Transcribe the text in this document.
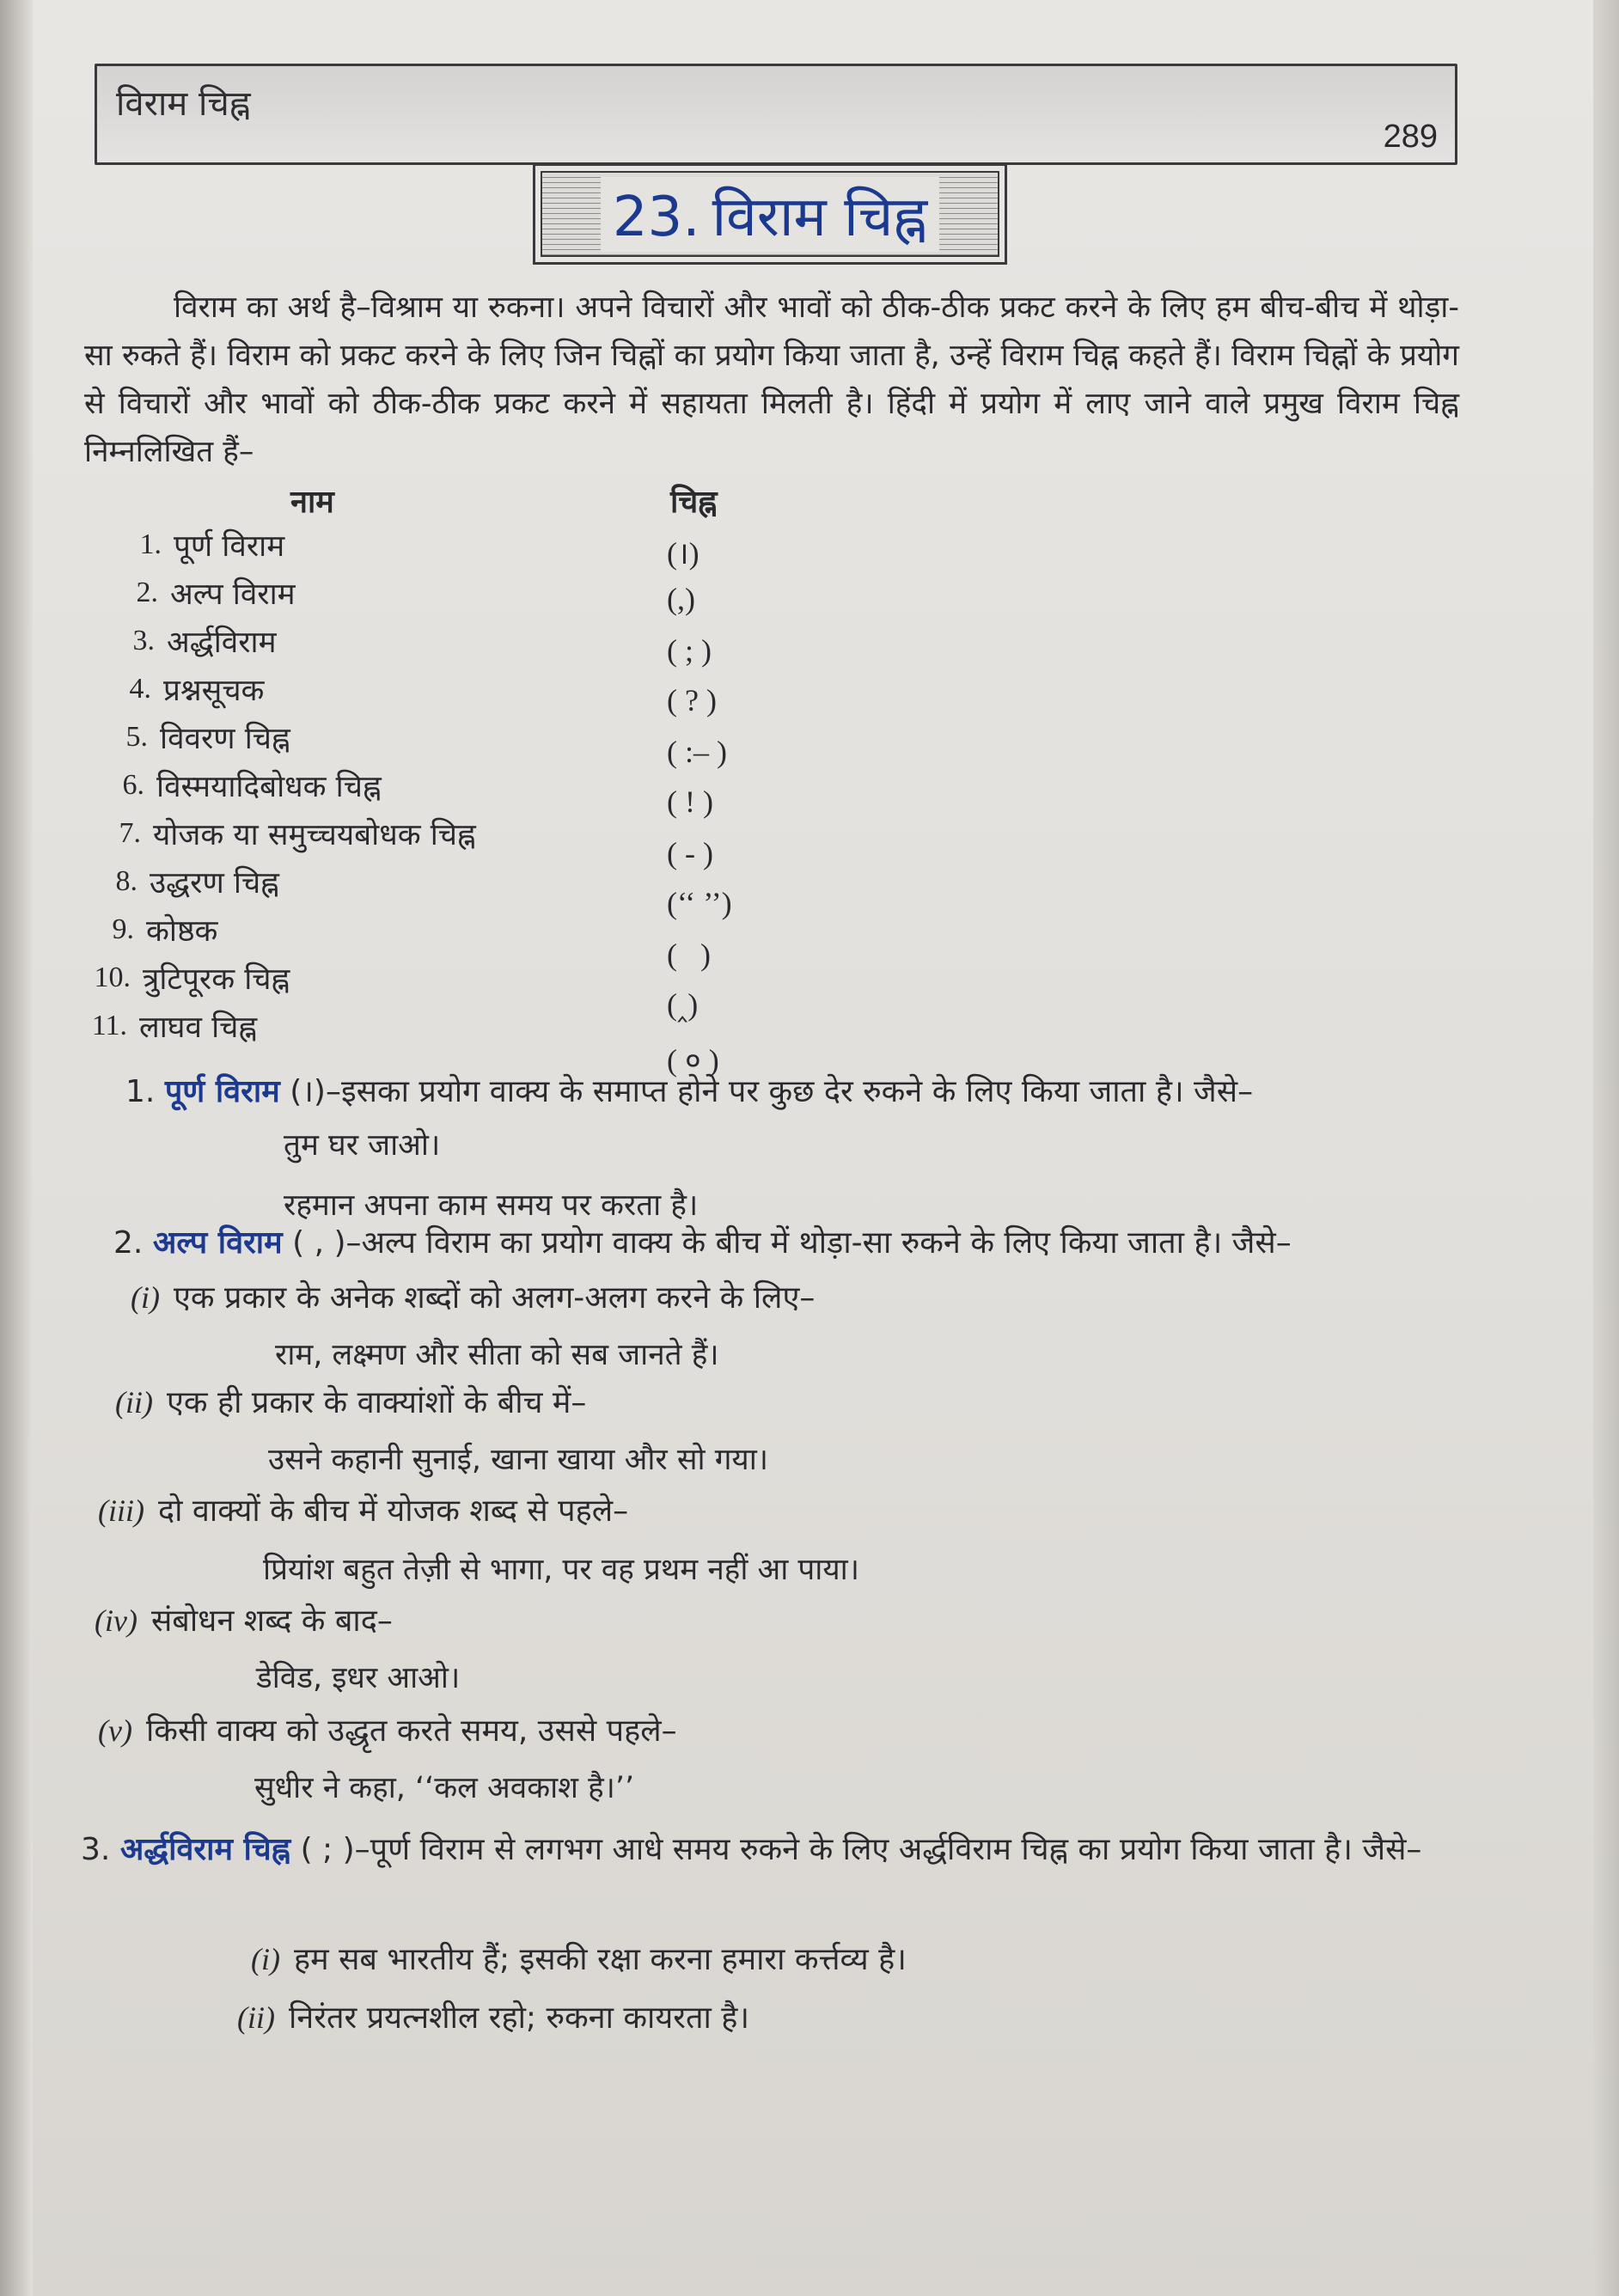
विराम चिह्न
289
23. विराम चिह्न

विराम का अर्थ है–विश्राम या रुकना। अपने विचारों और भावों को ठीक-ठीक प्रकट करने के लिए हम बीच-बीच में थोड़ा-सा रुकते हैं। विराम को प्रकट करने के लिए जिन चिह्नों का प्रयोग किया जाता है, उन्हें विराम चिह्न कहते हैं। विराम चिह्नों के प्रयोग से विचारों और भावों को ठीक-ठीक प्रकट करने में सहायता मिलती है। हिंदी में प्रयोग में लाए जाने वाले प्रमुख विराम चिह्न निम्नलिखित हैं–

नाम	चिह्न
1. पूर्ण विराम
2. अल्प विराम
3. अर्द्धविराम
4. प्रश्नसूचक
5. विवरण चिह्न
6. विस्मयादिबोधक चिह्न
7. योजक या समुच्चयबोधक चिह्न
8. उद्धरण चिह्न
9. कोष्ठक
10. त्रुटिपूरक चिह्न
11. लाघव चिह्न
(।)
(,)
( ; )
( ? )
( :– )
( ! )
( - )
(‘‘ ’’)
(   )
(‸)
( ० )
1. पूर्ण विराम (।)–इसका प्रयोग वाक्य के समाप्त होने पर कुछ देर रुकने के लिए किया जाता है। जैसे–
तुम घर जाओ।
रहमान अपना काम समय पर करता है।
2. अल्प विराम ( , )–अल्प विराम का प्रयोग वाक्य के बीच में थोड़ा-सा रुकने के लिए किया जाता है। जैसे–
(i) एक प्रकार के अनेक शब्दों को अलग-अलग करने के लिए–
राम, लक्ष्मण और सीता को सब जानते हैं।
(ii) एक ही प्रकार के वाक्यांशों के बीच में–
उसने कहानी सुनाई, खाना खाया और सो गया।
(iii) दो वाक्यों के बीच में योजक शब्द से पहले–
प्रियांश बहुत तेज़ी से भागा, पर वह प्रथम नहीं आ पाया।
(iv) संबोधन शब्द के बाद–
डेविड, इधर आओ।
(v) किसी वाक्य को उद्धृत करते समय, उससे पहले–
सुधीर ने कहा, ‘‘कल अवकाश है।’’
3. अर्द्धविराम चिह्न ( ; )–पूर्ण विराम से लगभग आधे समय रुकने के लिए अर्द्धविराम चिह्न का प्रयोग किया जाता है। जैसे–
(i) हम सब भारतीय हैं; इसकी रक्षा करना हमारा कर्त्तव्य है।
(ii) निरंतर प्रयत्नशील रहो; रुकना कायरता है।
